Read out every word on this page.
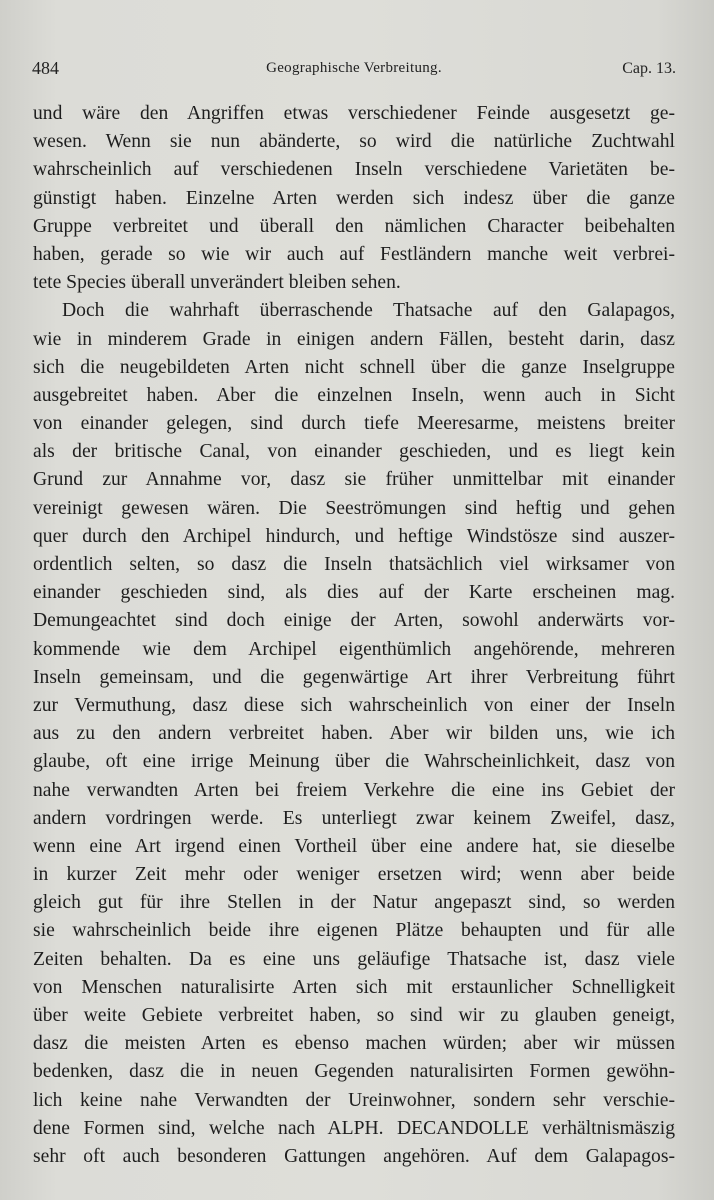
484	Geographische Verbreitung.	Cap. 13.
und wäre den Angriffen etwas verschiedener Feinde ausgesetzt ge-
wesen. Wenn sie nun abänderte, so wird die natürliche Zuchtwahl
wahrscheinlich auf verschiedenen Inseln verschiedene Varietäten be-
günstigt haben. Einzelne Arten werden sich indesz über die ganze
Gruppe verbreitet und überall den nämlichen Character beibehalten
haben, gerade so wie wir auch auf Festländern manche weit verbrei-
tete Species überall unverändert bleiben sehen.
Doch die wahrhaft überraschende Thatsache auf den Galapagos,
wie in minderem Grade in einigen andern Fällen, besteht darin, dasz
sich die neugebildeten Arten nicht schnell über die ganze Inselgruppe
ausgebreitet haben. Aber die einzelnen Inseln, wenn auch in Sicht
von einander gelegen, sind durch tiefe Meeresarme, meistens breiter
als der britische Canal, von einander geschieden, und es liegt kein
Grund zur Annahme vor, dasz sie früher unmittelbar mit einander
vereinigt gewesen wären. Die Seeströmungen sind heftig und gehen
quer durch den Archipel hindurch, und heftige Windstösze sind auszer-
ordentlich selten, so dasz die Inseln thatsächlich viel wirksamer von
einander geschieden sind, als dies auf der Karte erscheinen mag.
Demungeachtet sind doch einige der Arten, sowohl anderwärts vor-
kommende wie dem Archipel eigenthümlich angehörende, mehreren
Inseln gemeinsam, und die gegenwärtige Art ihrer Verbreitung führt
zur Vermuthung, dasz diese sich wahrscheinlich von einer der Inseln
aus zu den andern verbreitet haben. Aber wir bilden uns, wie ich
glaube, oft eine irrige Meinung über die Wahrscheinlichkeit, dasz von
nahe verwandten Arten bei freiem Verkehre die eine ins Gebiet der
andern vordringen werde. Es unterliegt zwar keinem Zweifel, dasz,
wenn eine Art irgend einen Vortheil über eine andere hat, sie dieselbe
in kurzer Zeit mehr oder weniger ersetzen wird; wenn aber beide
gleich gut für ihre Stellen in der Natur angepaszt sind, so werden
sie wahrscheinlich beide ihre eigenen Plätze behaupten und für alle
Zeiten behalten. Da es eine uns geläufige Thatsache ist, dasz viele
von Menschen naturalisirte Arten sich mit erstaunlicher Schnelligkeit
über weite Gebiete verbreitet haben, so sind wir zu glauben geneigt,
dasz die meisten Arten es ebenso machen würden; aber wir müssen
bedenken, dasz die in neuen Gegenden naturalisirten Formen gewöhn-
lich keine nahe Verwandten der Ureinwohner, sondern sehr verschie-
dene Formen sind, welche nach ALPH. DECANDOLLE verhältnismäszig
sehr oft auch besonderen Gattungen angehören. Auf dem Galapagos-
